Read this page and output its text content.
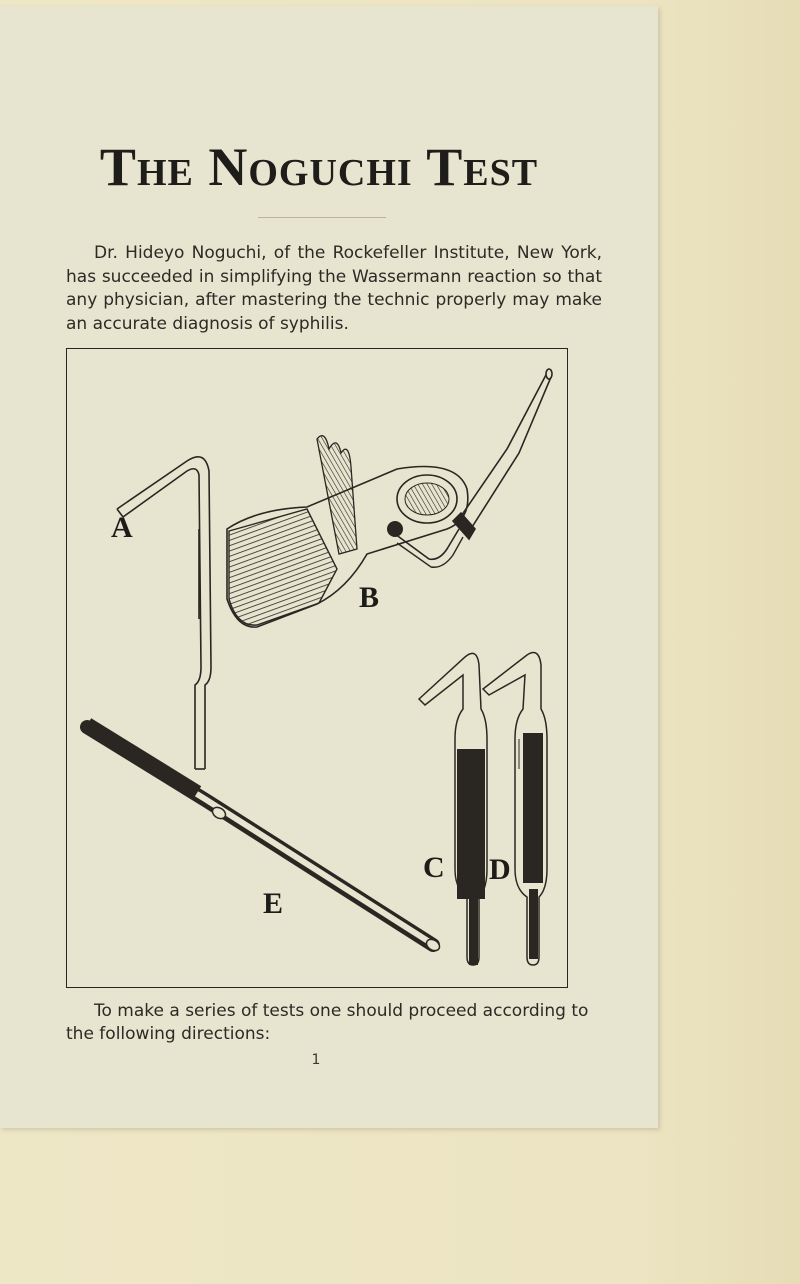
The Noguchi Test

Dr. Hideyo Noguchi, of the Rockefeller Institute, New York, has succeeded in simplifying the Wassermann reaction so that any physician, after mastering the technic properly may make an accurate diagnosis of syphilis.

A
B
C D
E

To make a series of tests one should proceed according to the following directions:

1
